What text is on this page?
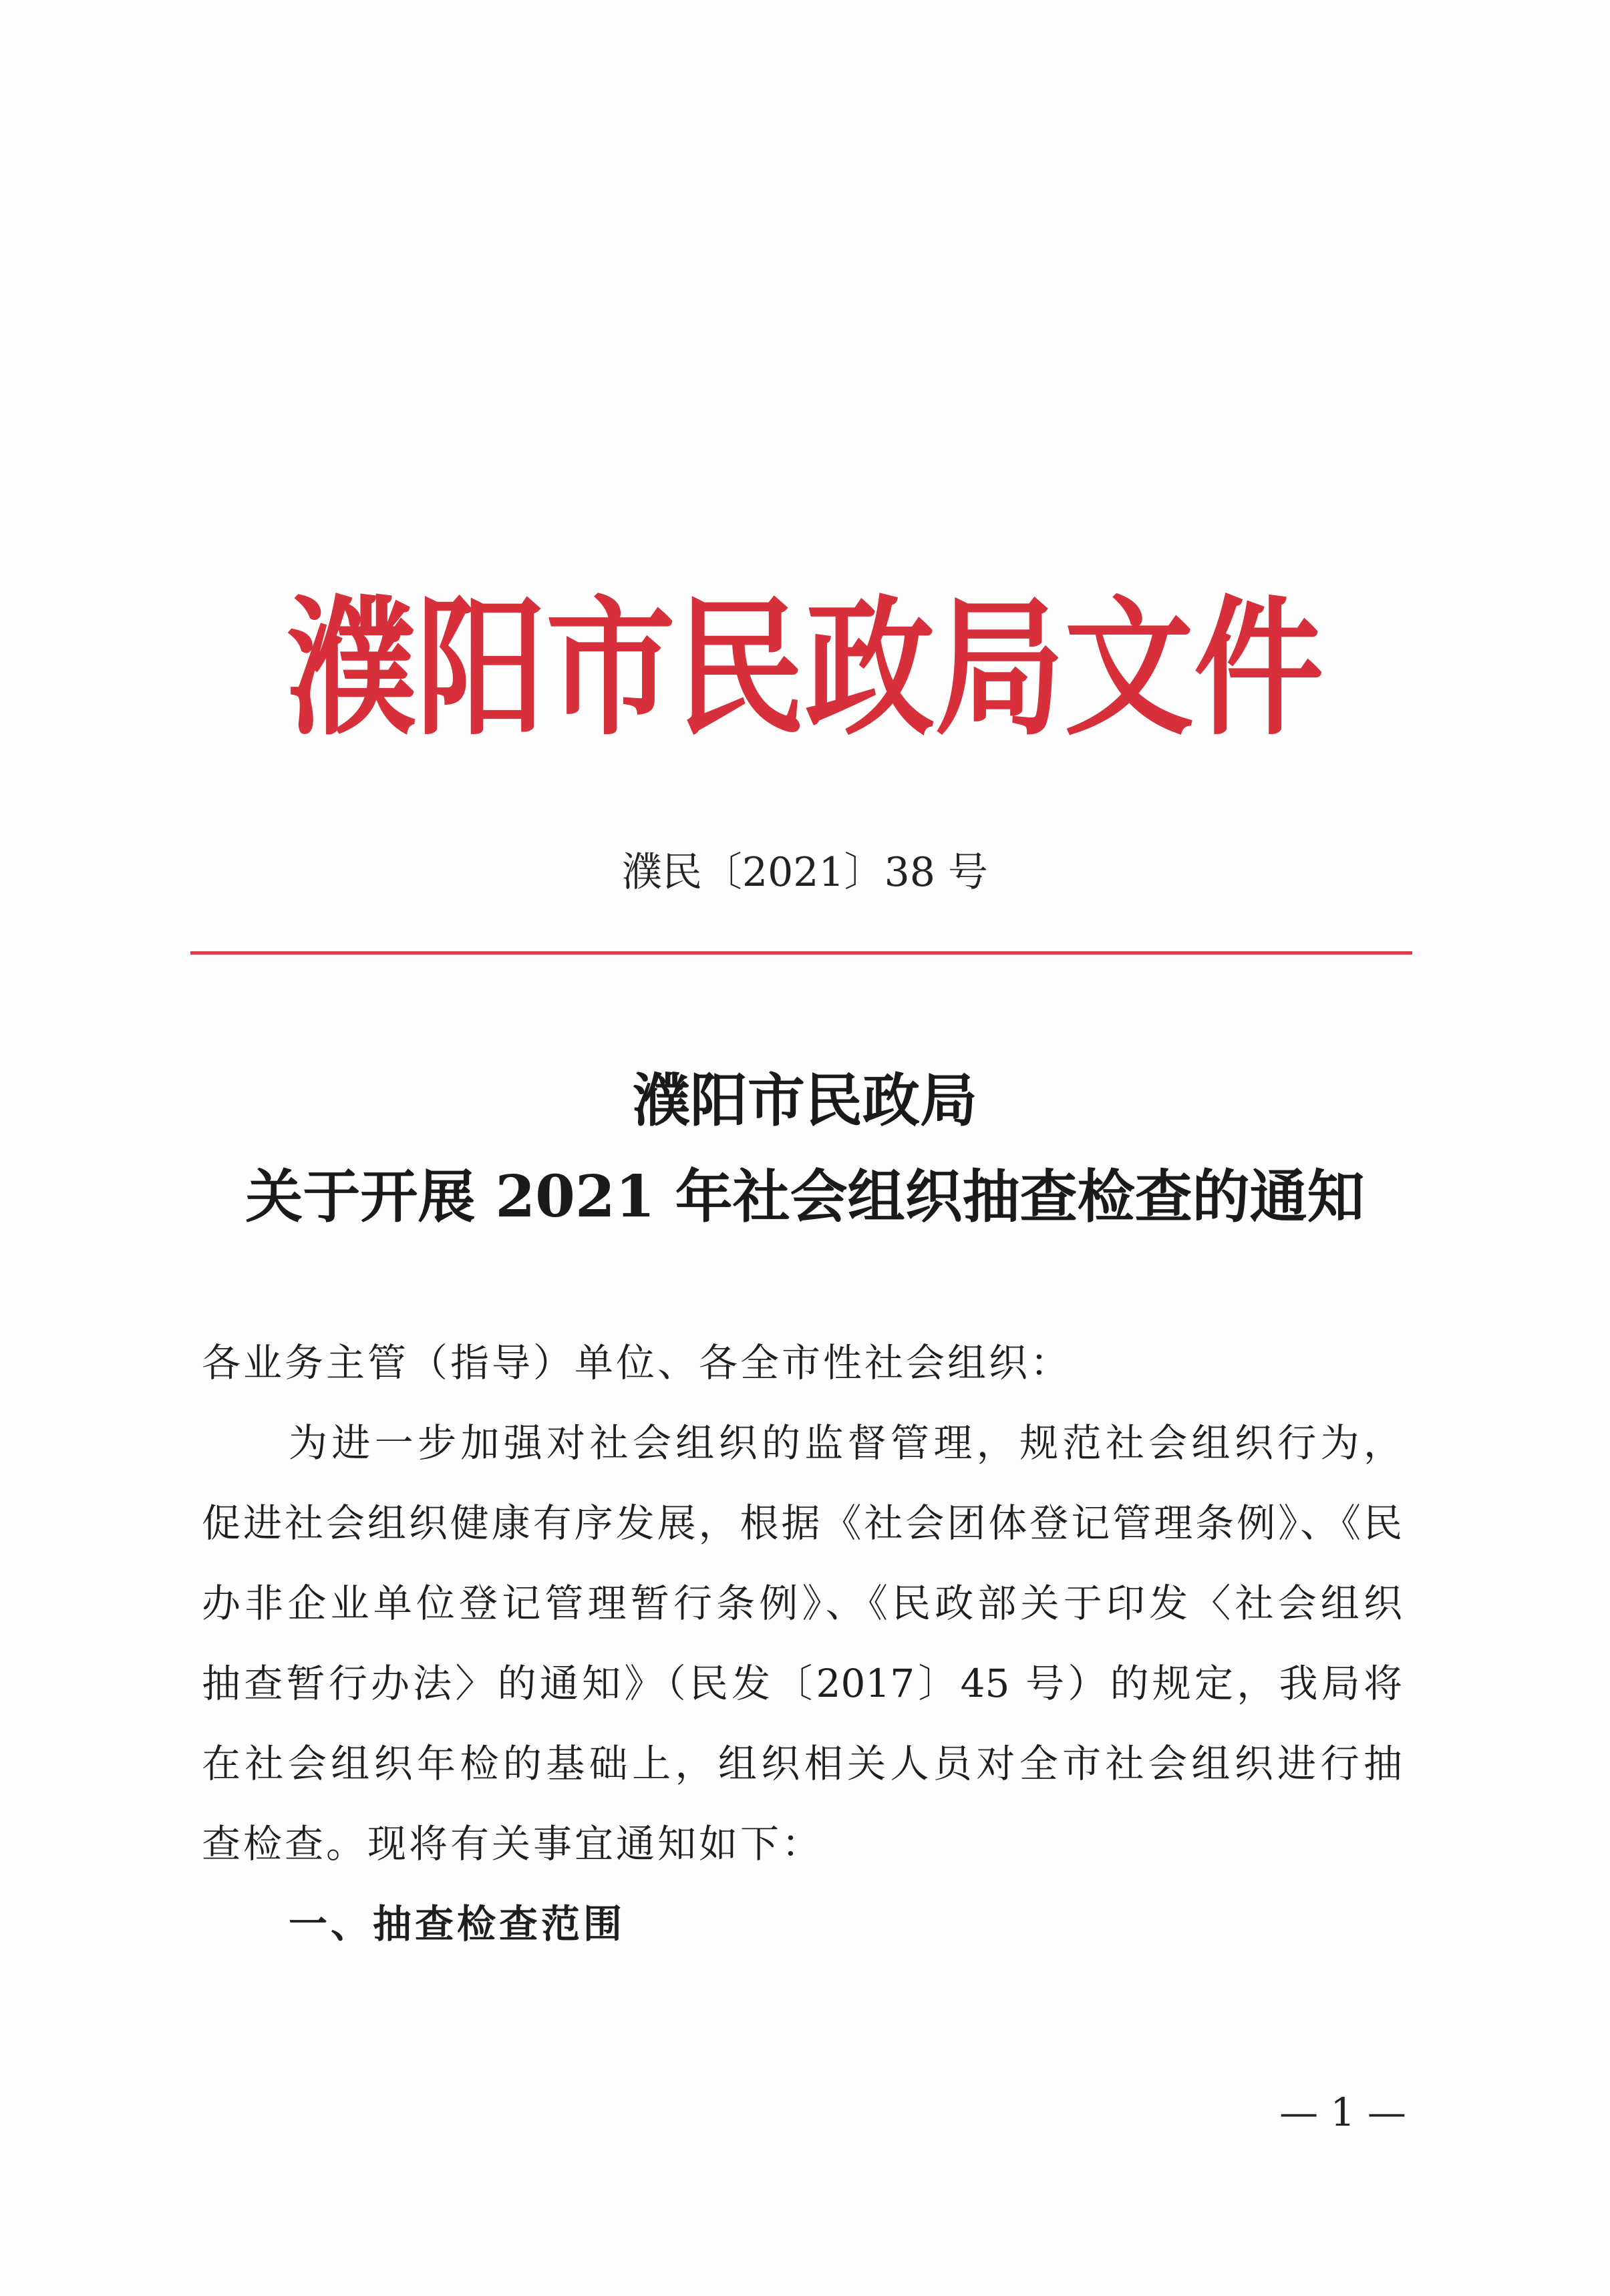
濮阳市民政局文件
濮民〔2021〕38 号
濮阳市民政局
关于开展 2021 年社会组织抽查检查的通知
各业务主管（指导）单位、各全市性社会组织：
为进一步加强对社会组织的监督管理，规范社会组织行为，
促进社会组织健康有序发展，根据《社会团体登记管理条例》、《民
办非企业单位登记管理暂行条例》、《民政部关于印发〈社会组织
抽查暂行办法〉的通知》（民发〔2017〕45 号）的规定，我局将
在社会组织年检的基础上，组织相关人员对全市社会组织进行抽
查检查。现将有关事宜通知如下：
一、抽查检查范围
— 1 —
